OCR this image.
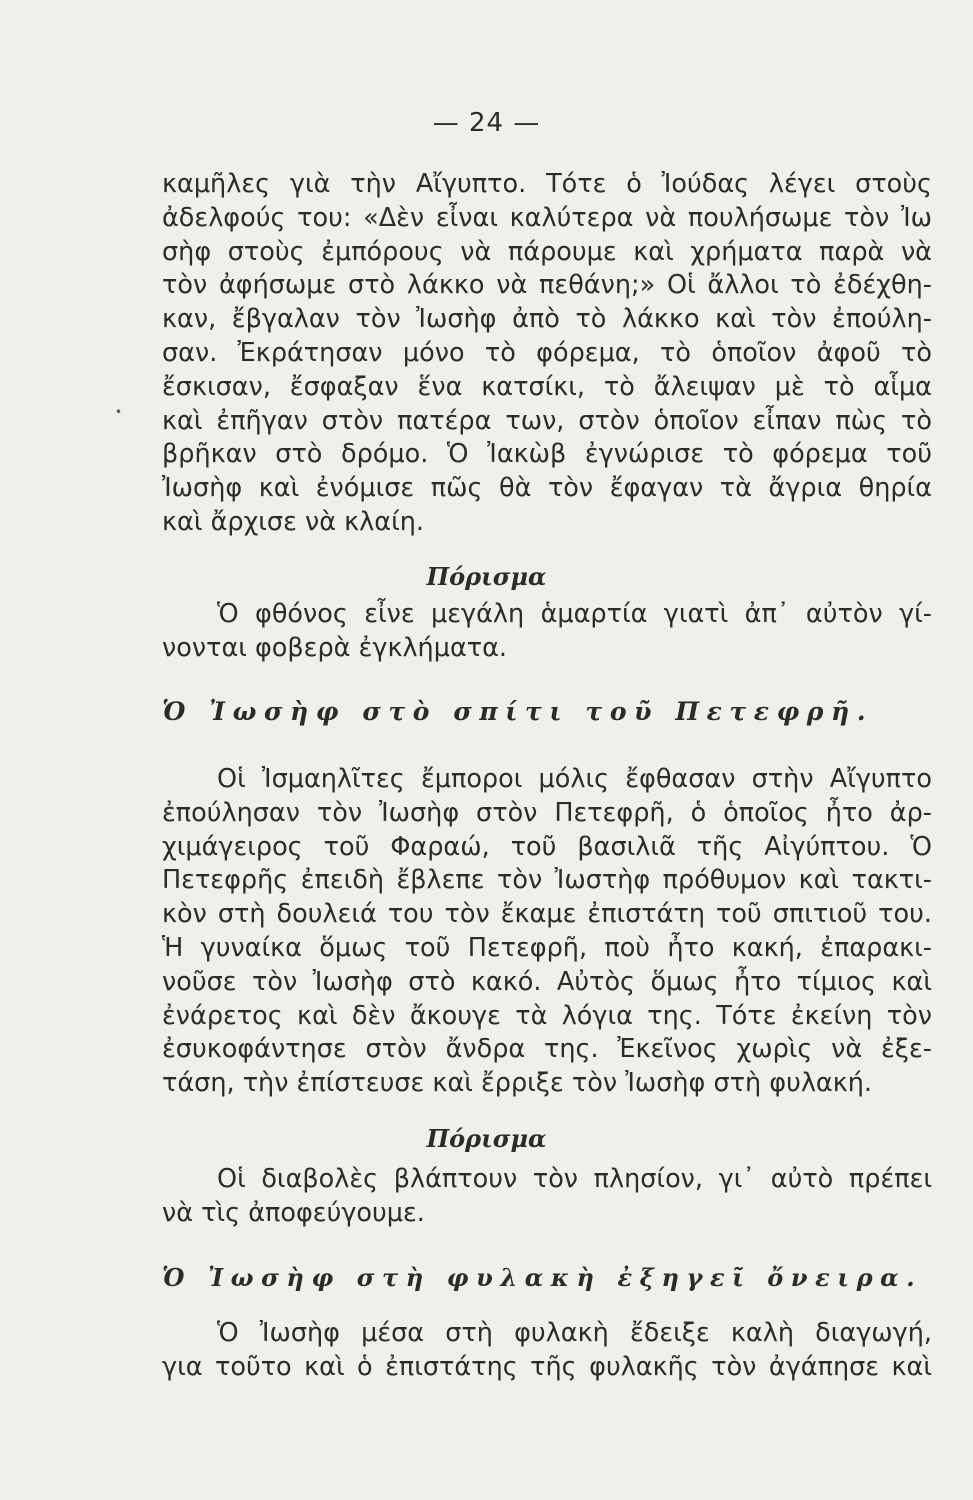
— 24 —
•
καμῆλες γιὰ τὴν Αἴγυπτο. Τότε ὁ Ἰούδας λέγει στοὺς
ἀδελφούς του: «Δὲν εἶναι καλύτερα νὰ πουλήσωμε τὸν Ἰω
σὴφ στοὺς ἐμπόρους νὰ πάρουμε καὶ χρήματα παρὰ νὰ
τὸν ἀφήσωμε στὸ λάκκο νὰ πεθάνη;» Οἱ ἄλλοι τὸ ἐδέχθη-
καν, ἔβγαλαν τὸν Ἰωσὴφ ἀπὸ τὸ λάκκο καὶ τὸν ἐπούλη-
σαν. Ἐκράτησαν μόνο τὸ φόρεμα, τὸ ὁποῖον ἀφοῦ τὸ
ἔσκισαν, ἔσφαξαν ἕνα κατσίκι, τὸ ἄλειψαν μὲ τὸ αἷμα
καὶ ἐπῆγαν στὸν πατέρα των, στὸν ὁποῖον εἶπαν πὼς τὸ
βρῆκαν στὸ δρόμο. Ὁ Ἰακὼβ ἐγνώρισε τὸ φόρεμα τοῦ
Ἰωσὴφ καὶ ἐνόμισε πῶς θὰ τὸν ἔφαγαν τὰ ἄγρια θηρία
καὶ ἄρχισε νὰ κλαίη.
Πόρισμα
Ὁ φθόνος εἶνε μεγάλη ἁμαρτία γιατὶ ἀπ᾽ αὐτὸν γί-
νονται φοβερὰ ἐγκλήματα.
Ὁ Ἰωσὴφ στὸ σπίτι τοῦ Πετεφρῆ.
Οἱ Ἰσμαηλῖτες ἔμποροι μόλις ἔφθασαν στὴν Αἴγυπτο
ἐπούλησαν τὸν Ἰωσὴφ στὸν Πετεφρῆ, ὁ ὁποῖος ἦτο ἀρ-
χιμάγειρος τοῦ Φαραώ, τοῦ βασιλιᾶ τῆς Αἰγύπτου. Ὁ
Πετεφρῆς ἐπειδὴ ἔβλεπε τὸν Ἰωστὴφ πρόθυμον καὶ τακτι-
κὸν στὴ δουλειά του τὸν ἔκαμε ἐπιστάτη τοῦ σπιτιοῦ του.
Ἡ γυναίκα ὅμως τοῦ Πετεφρῆ, ποὺ ἦτο κακή, ἐπαρακι-
νοῦσε τὸν Ἰωσὴφ στὸ κακό. Αὐτὸς ὅμως ἦτο τίμιος καὶ
ἐνάρετος καὶ δὲν ἄκουγε τὰ λόγια της. Τότε ἐκείνη τὸν
ἐσυκοφάντησε στὸν ἄνδρα της. Ἐκεῖνος χωρὶς νὰ ἐξε-
τάση, τὴν ἐπίστευσε καὶ ἔρριξε τὸν Ἰωσὴφ στὴ φυλακή.
Πόρισμα
Οἱ διαβολὲς βλάπτουν τὸν πλησίον, γι᾽ αὐτὸ πρέπει
νὰ τὶς ἀποφεύγουμε.
Ὁ Ἰωσὴφ στὴ φυλακὴ ἐξηγεῖ ὄνειρα.
Ὁ Ἰωσὴφ μέσα στὴ φυλακὴ ἔδειξε καλὴ διαγωγή,
για τοῦτο καὶ ὁ ἐπιστάτης τῆς φυλακῆς τὸν ἀγάπησε καὶ
